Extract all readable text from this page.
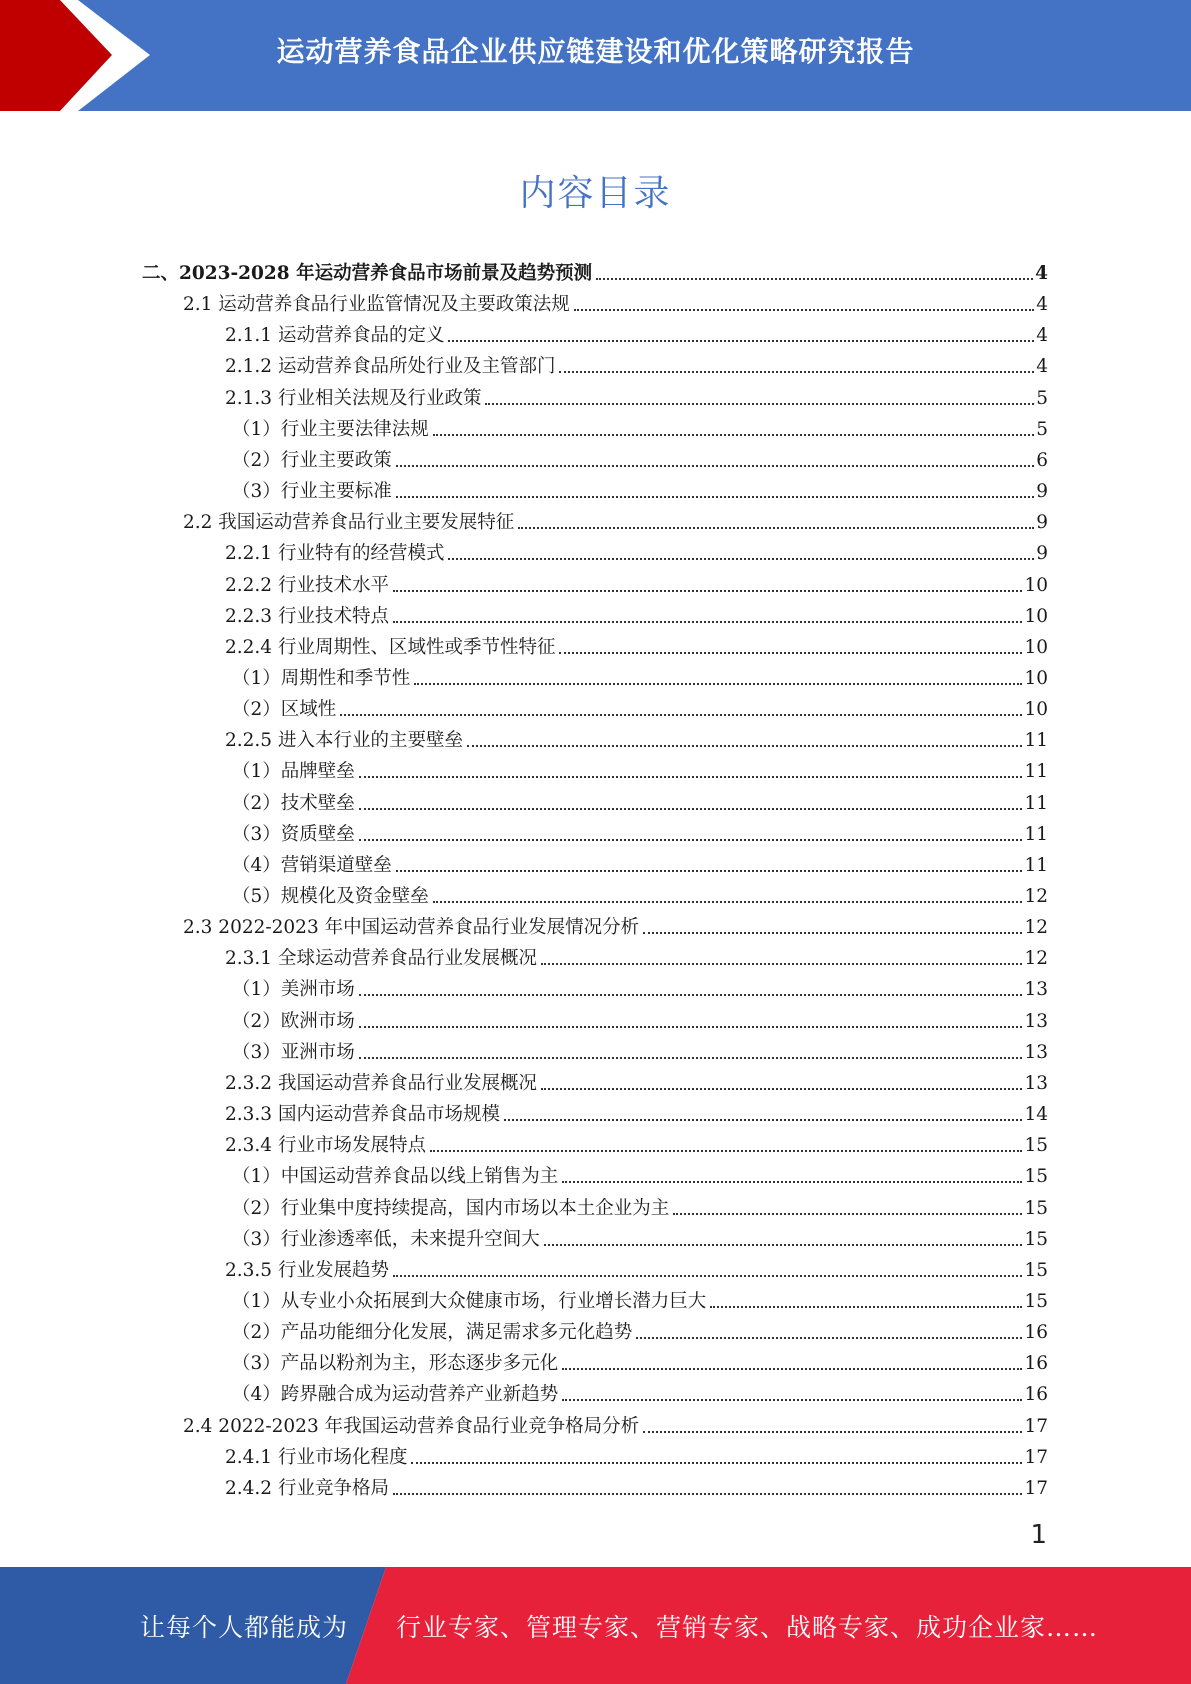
运动营养食品企业供应链建设和优化策略研究报告
内容目录
二、2023-2028 年运动营养食品市场前景及趋势预测	4
2.1 运动营养食品行业监管情况及主要政策法规	4
2.1.1 运动营养食品的定义	4
2.1.2 运动营养食品所处行业及主管部门	4
2.1.3 行业相关法规及行业政策	5
（1）行业主要法律法规	5
（2）行业主要政策	6
（3）行业主要标准	9
2.2 我国运动营养食品行业主要发展特征	9
2.2.1 行业特有的经营模式	9
2.2.2 行业技术水平	10
2.2.3 行业技术特点	10
2.2.4 行业周期性、区域性或季节性特征	10
（1）周期性和季节性	10
（2）区域性	10
2.2.5 进入本行业的主要壁垒	11
（1）品牌壁垒	11
（2）技术壁垒	11
（3）资质壁垒	11
（4）营销渠道壁垒	11
（5）规模化及资金壁垒	12
2.3 2022-2023 年中国运动营养食品行业发展情况分析	12
2.3.1 全球运动营养食品行业发展概况	12
（1）美洲市场	13
（2）欧洲市场	13
（3）亚洲市场	13
2.3.2 我国运动营养食品行业发展概况	13
2.3.3 国内运动营养食品市场规模	14
2.3.4 行业市场发展特点	15
（1）中国运动营养食品以线上销售为主	15
（2）行业集中度持续提高，国内市场以本土企业为主	15
（3）行业渗透率低，未来提升空间大	15
2.3.5 行业发展趋势	15
（1）从专业小众拓展到大众健康市场，行业增长潜力巨大	15
（2）产品功能细分化发展，满足需求多元化趋势	16
（3）产品以粉剂为主，形态逐步多元化	16
（4）跨界融合成为运动营养产业新趋势	16
2.4 2022-2023 年我国运动营养食品行业竞争格局分析	17
2.4.1 行业市场化程度	17
2.4.2 行业竞争格局	17
1
让每个人都能成为 行业专家、管理专家、营销专家、战略专家、成功企业家……
